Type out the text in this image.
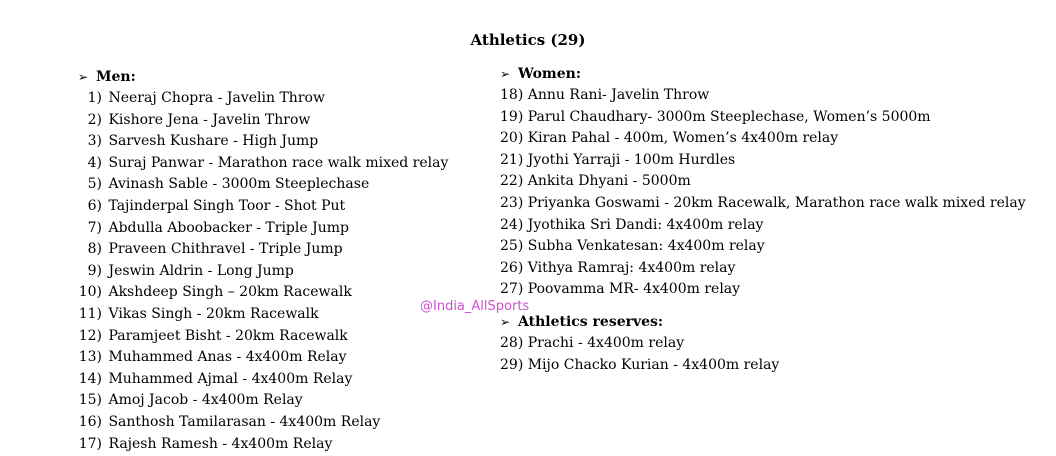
Athletics (29)
➢ Men:
1) Neeraj Chopra - Javelin Throw
2) Kishore Jena - Javelin Throw
3) Sarvesh Kushare - High Jump
4) Suraj Panwar - Marathon race walk mixed relay
5) Avinash Sable - 3000m Steeplechase
6) Tajinderpal Singh Toor - Shot Put
7) Abdulla Aboobacker - Triple Jump
8) Praveen Chithravel - Triple Jump
9) Jeswin Aldrin - Long Jump
10) Akshdeep Singh – 20km Racewalk
11) Vikas Singh - 20km Racewalk
12) Paramjeet Bisht - 20km Racewalk
13) Muhammed Anas - 4x400m Relay
14) Muhammed Ajmal - 4x400m Relay
15) Amoj Jacob - 4x400m Relay
16) Santhosh Tamilarasan - 4x400m Relay
17) Rajesh Ramesh - 4x400m Relay
➢ Women:
18) Annu Rani- Javelin Throw
19) Parul Chaudhary- 3000m Steeplechase, Women’s 5000m
20) Kiran Pahal - 400m, Women’s 4x400m relay
21) Jyothi Yarraji - 100m Hurdles
22) Ankita Dhyani - 5000m
23) Priyanka Goswami - 20km Racewalk, Marathon race walk mixed relay
24) Jyothika Sri Dandi: 4x400m relay
25) Subha Venkatesan: 4x400m relay
26) Vithya Ramraj: 4x400m relay
27) Poovamma MR- 4x400m relay
➢ Athletics reserves:
28) Prachi - 4x400m relay
29) Mijo Chacko Kurian - 4x400m relay
@India_AllSports
